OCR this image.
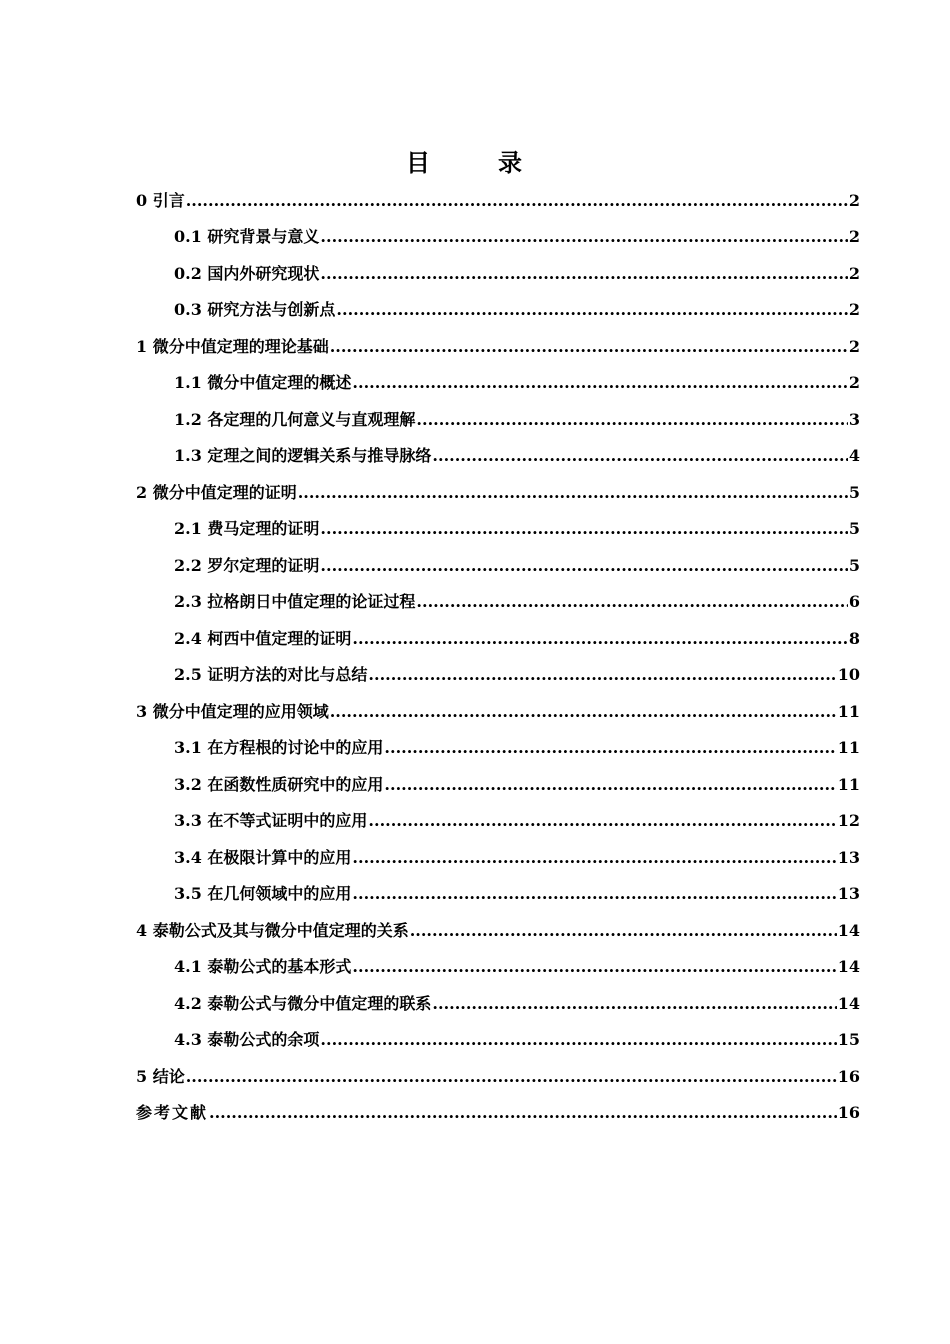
目　录
0 引言 .....	2
0.1 研究背景与意义 .....	2
0.2 国内外研究现状 .....	2
0.3 研究方法与创新点 .....	2
1 微分中值定理的理论基础 .....	2
1.1 微分中值定理的概述 .....	2
1.2 各定理的几何意义与直观理解 .....	3
1.3 定理之间的逻辑关系与推导脉络 .....	4
2 微分中值定理的证明 .....	5
2.1 费马定理的证明 .....	5
2.2 罗尔定理的证明 .....	5
2.3 拉格朗日中值定理的论证过程 .....	6
2.4 柯西中值定理的证明 .....	8
2.5 证明方法的对比与总结 .....	10
3 微分中值定理的应用领域 .....	11
3.1 在方程根的讨论中的应用 .....	11
3.2 在函数性质研究中的应用 .....	11
3.3 在不等式证明中的应用 .....	12
3.4 在极限计算中的应用 .....	13
3.5 在几何领域中的应用 .....	13
4 泰勒公式及其与微分中值定理的关系 .....	14
4.1 泰勒公式的基本形式 .....	14
4.2 泰勒公式与微分中值定理的联系 .....	14
4.3 泰勒公式的余项 .....	15
5 结论 .....	16
参考文献 .....	16
